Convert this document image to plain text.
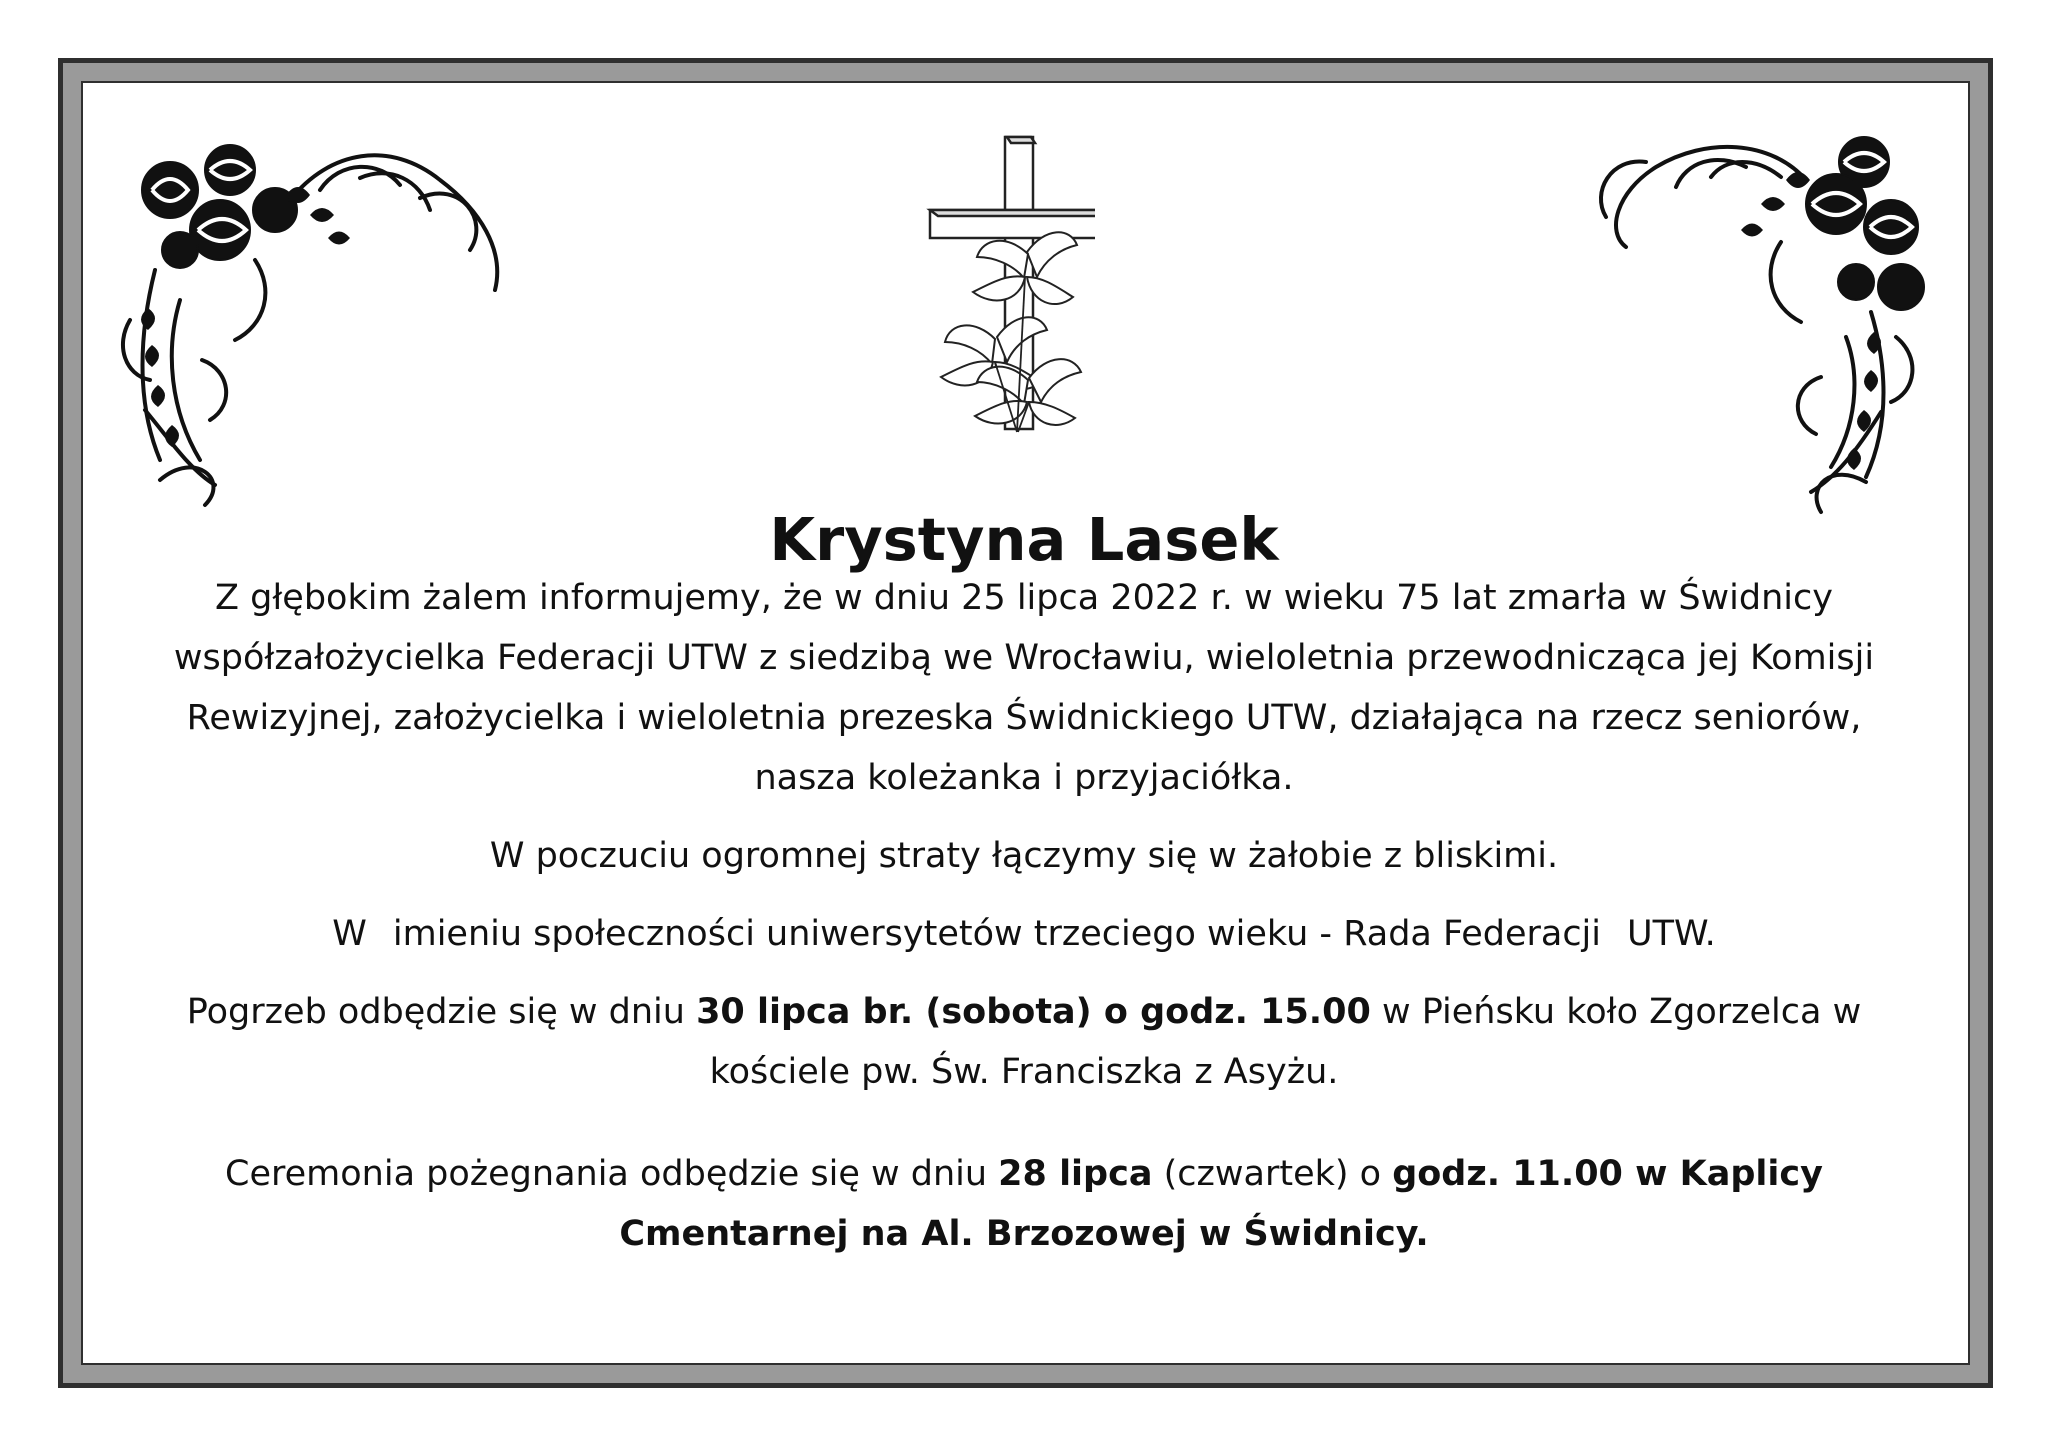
Krystyna Lasek

Z głębokim żalem informujemy, że w dniu 25 lipca 2022 r. w wieku 75 lat zmarła w Świdnicy
współzałożycielka Federacji UTW z siedzibą we Wrocławiu, wieloletnia przewodnicząca jej Komisji
Rewizyjnej, założycielka i wieloletnia prezeska Świdnickiego UTW, działająca na rzecz seniorów,
nasza koleżanka i przyjaciółka.

W poczuciu ogromnej straty łączymy się w żałobie z bliskimi.

W imieniu społeczności uniwersytetów trzeciego wieku - Rada Federacji UTW.

Pogrzeb odbędzie się w dniu 30 lipca br. (sobota) o godz. 15.00 w Pieńsku koło Zgorzelca w
kościele pw. Św. Franciszka z Asyżu.

Ceremonia pożegnania odbędzie się w dniu 28 lipca (czwartek) o godz. 11.00 w Kaplicy
Cmentarnej na Al. Brzozowej w Świdnicy.
